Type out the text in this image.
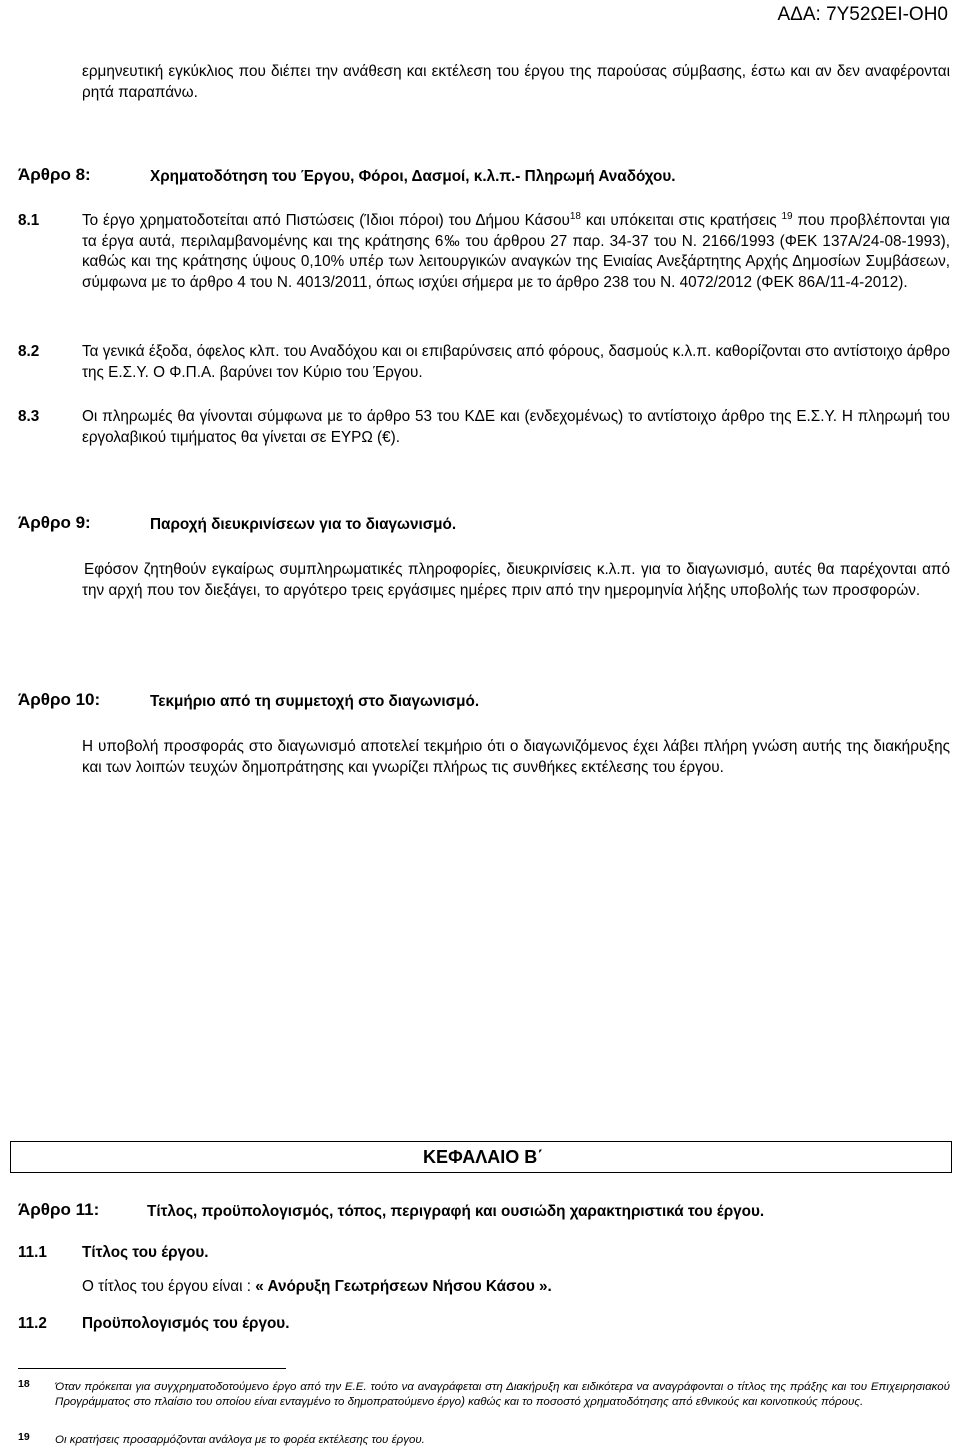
ΑΔΑ: 7Υ52ΩΕΙ-ΟΗ0
ερμηνευτική εγκύκλιος που διέπει την ανάθεση και εκτέλεση του έργου της παρούσας σύμβασης, έστω και αν δεν αναφέρονται ρητά παραπάνω.
Άρθρο 8:	Χρηματοδότηση του Έργου, Φόροι, Δασμοί, κ.λ.π.- Πληρωμή Αναδόχου.
8.1	Το έργο χρηματοδοτείται από Πιστώσεις (Ίδιοι πόροι) του Δήμου Κάσου$^{18}$ και υπόκειται στις κρατήσεις $^{19}$ που προβλέπονται για τα έργα αυτά, περιλαμβανομένης και της κράτησης 6‰ του άρθρου 27 παρ. 34-37 του Ν. 2166/1993 (ΦΕΚ 137Α/24-08-1993), καθώς και της κράτησης ύψους 0,10% υπέρ των λειτουργικών αναγκών της Ενιαίας Ανεξάρτητης Αρχής Δημοσίων Συμβάσεων, σύμφωνα με το άρθρο 4 του Ν. 4013/2011, όπως ισχύει σήμερα με το άρθρο 238 του Ν. 4072/2012 (ΦΕΚ 86Α/11-4-2012).
8.2	Τα γενικά έξοδα, όφελος κλπ. του Αναδόχου και οι επιβαρύνσεις από φόρους, δασμούς κ.λ.π. καθορίζονται στο αντίστοιχο άρθρο της Ε.Σ.Υ. Ο Φ.Π.Α. βαρύνει τον Κύριο του Έργου.
8.3	Οι πληρωμές θα γίνονται σύμφωνα με το άρθρο 53 του ΚΔΕ και (ενδεχομένως) το αντίστοιχο άρθρο της Ε.Σ.Υ. Η πληρωμή του εργολαβικού τιμήματος θα γίνεται σε ΕΥΡΩ (€).
Άρθρο 9:	Παροχή διευκρινίσεων για το διαγωνισμό.
Εφόσον ζητηθούν εγκαίρως συμπληρωματικές πληροφορίες, διευκρινίσεις κ.λ.π. για το διαγωνισμό, αυτές θα παρέχονται από την αρχή που τον διεξάγει, το αργότερο τρεις εργάσιμες ημέρες πριν από την ημερομηνία λήξης υποβολής των προσφορών.
Άρθρο 10:	Τεκμήριο από τη συμμετοχή στο διαγωνισμό.
Η υποβολή προσφοράς στο διαγωνισμό αποτελεί τεκμήριο ότι ο διαγωνιζόμενος έχει λάβει πλήρη γνώση αυτής της διακήρυξης και των λοιπών τευχών δημοπράτησης και γνωρίζει πλήρως τις συνθήκες εκτέλεσης του έργου.
ΚΕΦΑΛΑΙΟ Β΄
Άρθρο 11:	Τίτλος, προϋπολογισμός, τόπος, περιγραφή και ουσιώδη χαρακτηριστικά του έργου.
11.1 Τίτλος του έργου.
Ο τίτλος του έργου είναι : « Ανόρυξη Γεωτρήσεων Νήσου Κάσου ».
11.2 Προϋπολογισμός του έργου.
18 Όταν πρόκειται για συγχρηματοδοτούμενο έργο από την Ε.Ε. τούτο να αναγράφεται στη Διακήρυξη και ειδικότερα να αναγράφονται ο τίτλος της πράξης και του Επιχειρησιακού Προγράμματος στο πλαίσιο του οποίου είναι ενταγμένο το δημοπρατούμενο έργο) καθώς και το ποσοστό χρηματοδότησης από εθνικούς και κοινοτικούς πόρους.
19 Οι κρατήσεις προσαρμόζονται ανάλογα με το φορέα εκτέλεσης του έργου.
